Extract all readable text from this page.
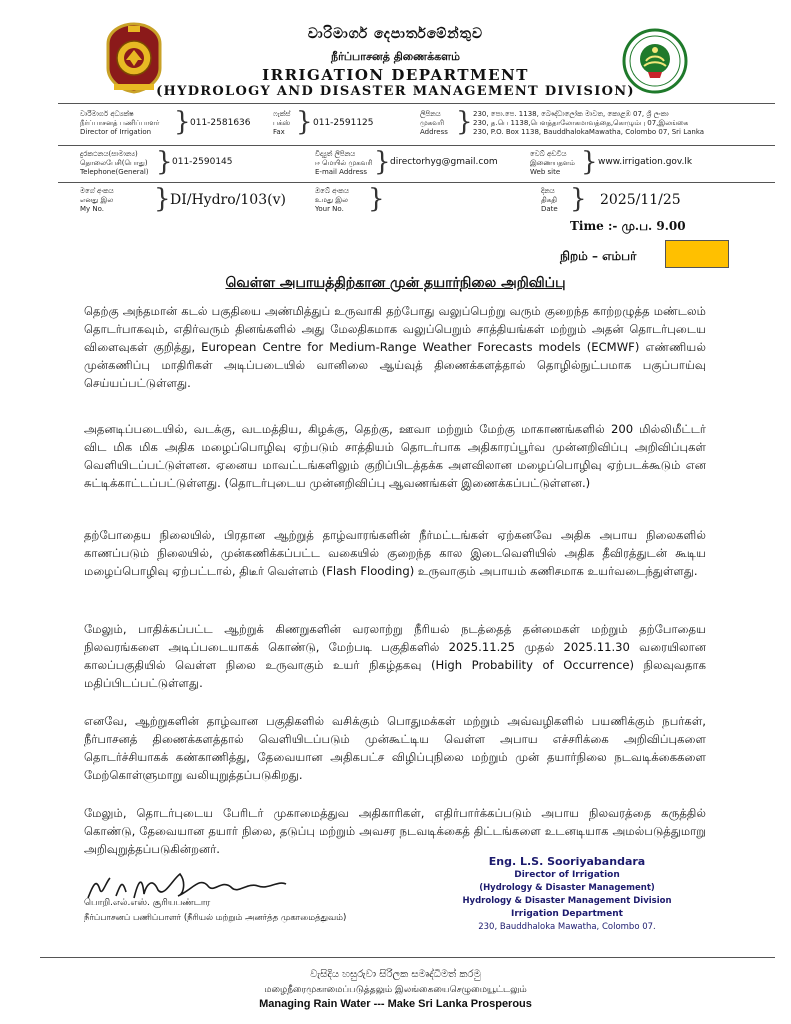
වාරිමාර්ග දෙපාර්තමේන්තුව
நீர்ப்பாசனத் திணைக்களம்
IRRIGATION DEPARTMENT
(HYDROLOGY AND DISASTER MANAGEMENT DIVISION)
වාරිමාර්ග අධ්‍යක්ෂ
நீர்ப்பாசனத் பணிப்பாளர்
Director of Irrigation } 011-2581636
ෆැක්ස්
பக்ஸ்
Fax } 011-2591125
ලිපිනය
முகவரி
Address } 230, පො.පෙ. 1138, බෞද්ධාලෝක මාවත, කොළඹ 07, ශ්‍රී ලංකා
230, த.பெ 1138,பௌத்தாலோகமாவத்தை,கொழும்பு 07,இலங்கை
230, P.O. Box 1138, BauddhalokaMawatha, Colombo 07, Sri Lanka
දුරකථනය(සාමාන්‍ය)
தொலைபேசி(பொது)
Telephone(General) } 011-2590145
විද්‍යුත් ලිපිනය
ஈ மெயில் முகவரி
E-mail Address } directorhyg@gmail.com
වෙබ් අඩවිය
இணையதளம்
Web site } www.irrigation.gov.lk
මගේ අංකය
எனது இல
My No.	} DI/Hydro/103(v)
ඔබේ අංකය
உமது இல
Your No. }	දිනය
திகதி
Date } 2025/11/25
Time :- மு.ப. 9.00
நிறம் – எம்பர்
வெள்ள அபாயத்திற்கான முன் தயார்நிலை அறிவிப்பு
தெற்கு அந்தமான் கடல் பகுதியை அண்மித்துப் உருவாகி தற்போது வலுப்பெற்று வரும் குறைந்த காற்றழுத்த மண்டலம் தொடர்பாகவும், எதிர்வரும் தினங்களில் அது மேலதிகமாக வலுப்பெறும் சாத்தியங்கள் மற்றும் அதன் தொடர்புடைய விளைவுகள் குறித்து, European Centre for Medium-Range Weather Forecasts models (ECMWF) எண்ணியல் முன்கணிப்பு மாதிரிகள் அடிப்படையில் வானிலை ஆய்வுத் திணைக்களத்தால் தொழில்நுட்பமாக பகுப்பாய்வு செய்யப்பட்டுள்ளது.
அதனடிப்படையில், வடக்கு, வடமத்திய, கிழக்கு, தெற்கு, ஊவா மற்றும் மேற்கு மாகாணங்களில் 200 மில்லிமீட்டர் விட மிக மிக அதிக மழைப்பொழிவு ஏற்படும் சாத்தியம் தொடர்பாக அதிகாரப்பூர்வ முன்னறிவிப்பு அறிவிப்புகள் வெளியிடப்பட்டுள்ளன. ஏனைய மாவட்டங்களிலும் குறிப்பிடத்தக்க அளவிலான மழைப்பொழிவு ஏற்படக்கூடும் என சுட்டிக்காட்டப்பட்டுள்ளது. (தொடர்புடைய முன்னறிவிப்பு ஆவணங்கள் இணைக்கப்பட்டுள்ளன.)
தற்போதைய நிலையில், பிரதான ஆற்றுத் தாழ்வாரங்களின் நீர்மட்டங்கள் ஏற்கனவே அதிக அபாய நிலைகளில் காணப்படும் நிலையில், முன்கணிக்கப்பட்ட வகையில் குறைந்த கால இடைவெளியில் அதிக தீவிரத்துடன் கூடிய மழைப்பொழிவு ஏற்பட்டால், திடீர் வெள்ளம் (Flash Flooding) உருவாகும் அபாயம் கணிசமாக உயர்வடைந்துள்ளது.
மேலும், பாதிக்கப்பட்ட ஆற்றுக் கிணறுகளின் வரலாற்று நீரியல் நடத்தைத் தன்மைகள் மற்றும் தற்போதைய நிலவரங்களை அடிப்படையாகக் கொண்டு, மேற்படி பகுதிகளில் 2025.11.25 முதல் 2025.11.30 வரையிலான காலப்பகுதியில் வெள்ள நிலை உருவாகும் உயர் நிகழ்தகவு (High Probability of Occurrence) நிலவுவதாக மதிப்பிடப்பட்டுள்ளது.
எனவே, ஆற்றுகளின் தாழ்வான பகுதிகளில் வசிக்கும் பொதுமக்கள் மற்றும் அவ்வழிகளில் பயணிக்கும் நபர்கள், நீர்பாசனத் திணைக்களத்தால் வெளியிடப்படும் முன்கூட்டிய வெள்ள அபாய எச்சரிக்கை அறிவிப்புகளை தொடர்ச்சியாகக் கண்காணித்து, தேவையான அதிகபட்ச விழிப்புநிலை மற்றும் முன் தயார்நிலை நடவடிக்கைகளை மேற்கொள்ளுமாறு வலியுறுத்தப்படுகிறது.
மேலும், தொடர்புடைய பேரிடர் முகாமைத்துவ அதிகாரிகள், எதிர்பார்க்கப்படும் அபாய நிலவரத்தை கருத்தில் கொண்டு, தேவையான தயார் நிலை, தடுப்பு மற்றும் அவசர நடவடிக்கைத் திட்டங்களை உடனடியாக அமல்படுத்துமாறு அறிவுறுத்தப்படுகின்றனர்.
பொறி.எல்.எஸ். சூரியபண்டார
நீர்ப்பாசனப் பணிப்பாளர் (நீரியல் மற்றும் அனர்த்த முகாமைத்துவம்)
Eng. L.S. Sooriyabandara
Director of Irrigation
(Hydrology & Disaster Management)
Hydrology & Disaster Management Division
Irrigation Department
230, Bauddhaloka Mawatha, Colombo 07.
වැසිදිය හසුරුවා සිරිලක සමෘද්ධිමත් කරමු
மழைநீரைமுகாமைப்படுத்தலும் இலங்கையைசெழுமையூட்டலும்
Managing Rain Water --- Make Sri Lanka Prosperous
